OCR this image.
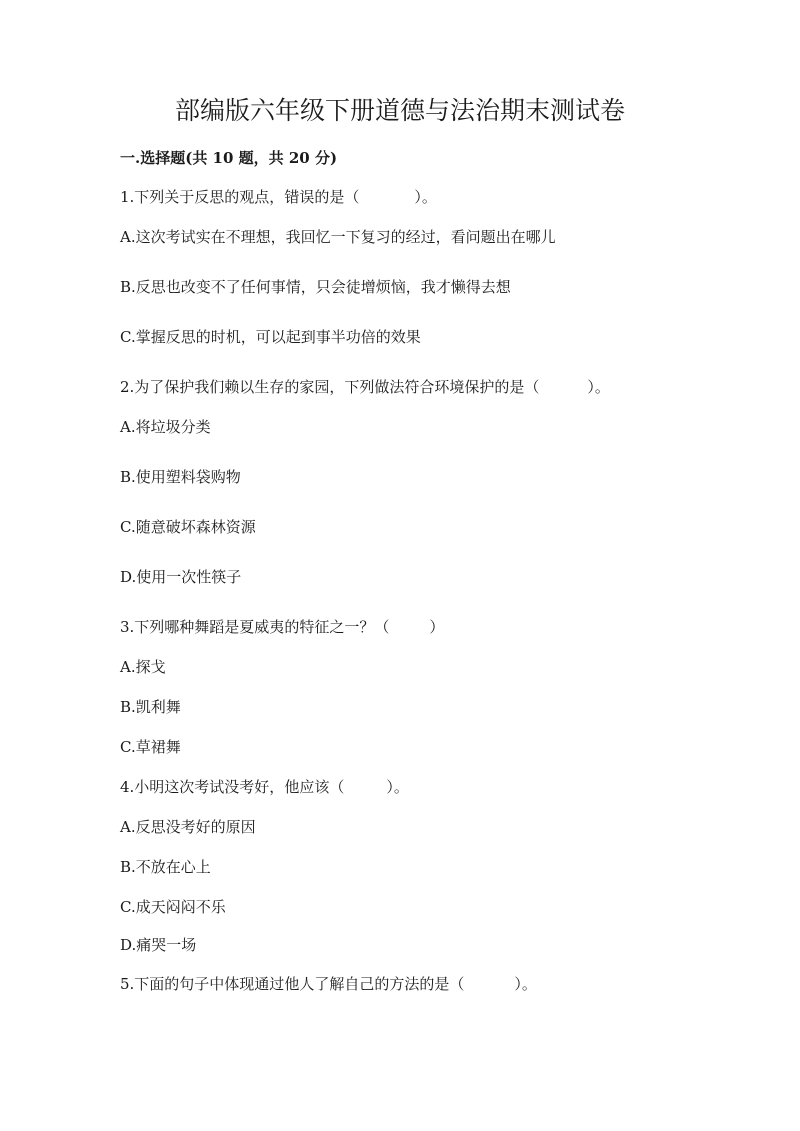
部编版六年级下册道德与法治期末测试卷
一.选择题(共 10 题，共 20 分)
1.下列关于反思的观点，错误的是（	）。
A.这次考试实在不理想，我回忆一下复习的经过，看问题出在哪儿
B.反思也改变不了任何事情，只会徒增烦恼，我才懒得去想
C.掌握反思的时机，可以起到事半功倍的效果
2.为了保护我们赖以生存的家园，下列做法符合环境保护的是（	）。
A.将垃圾分类
B.使用塑料袋购物
C.随意破坏森林资源
D.使用一次性筷子
3.下列哪种舞蹈是夏威夷的特征之一？（	）
A.探戈
B.凯利舞
C.草裙舞
4.小明这次考试没考好，他应该（	）。
A.反思没考好的原因
B.不放在心上
C.成天闷闷不乐
D.痛哭一场
5.下面的句子中体现通过他人了解自己的方法的是（	）。
